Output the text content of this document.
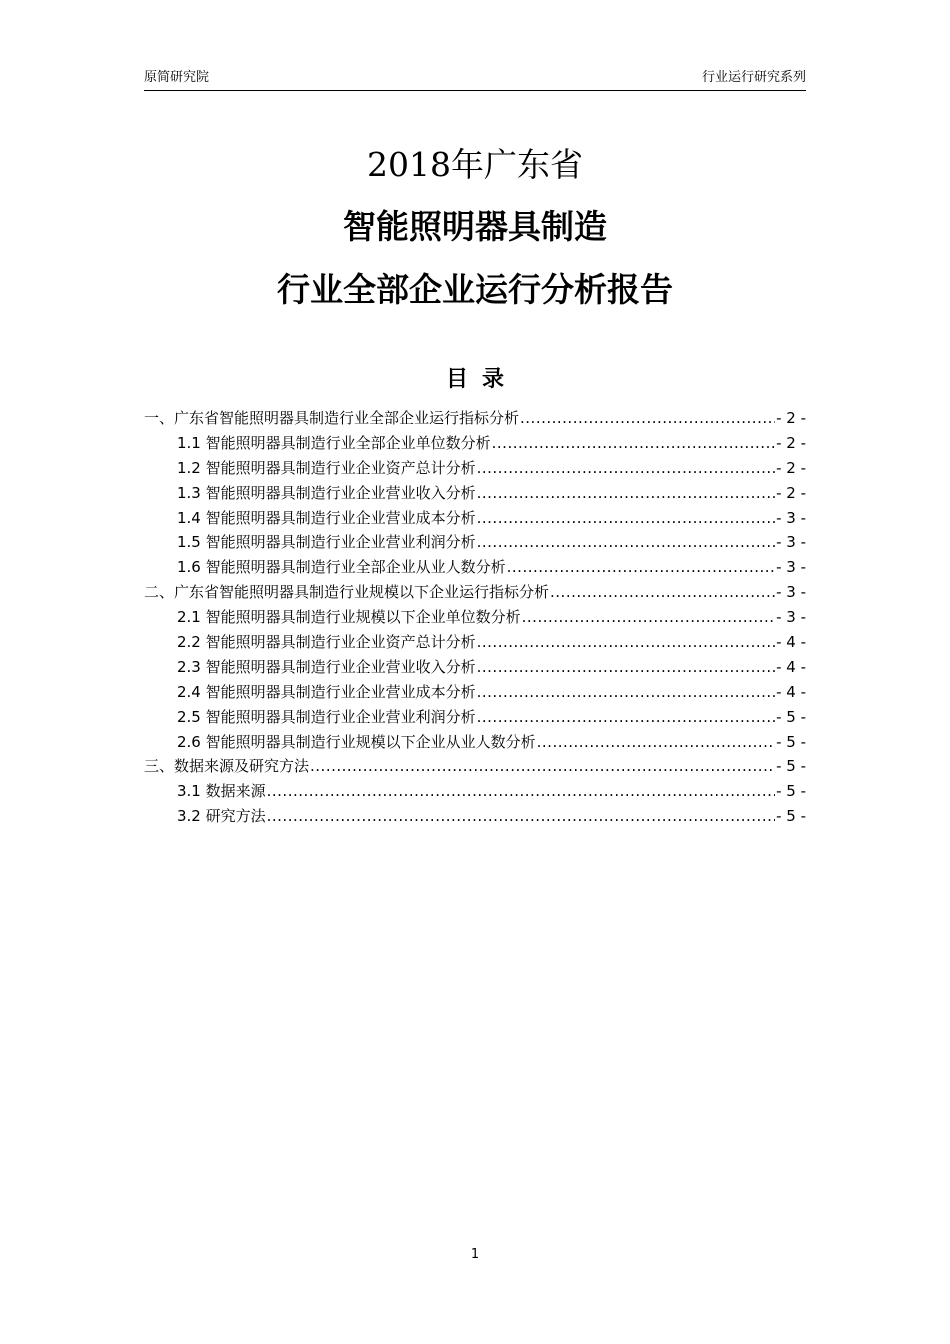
原简研究院	行业运行研究系列
2018年广东省
智能照明器具制造
行业全部企业运行分析报告
目录
一、广东省智能照明器具制造行业全部企业运行指标分析 .....	- 2 -
1.1 智能照明器具制造行业全部企业单位数分析 .....	- 2 -
1.2 智能照明器具制造行业企业资产总计分析 .....	- 2 -
1.3 智能照明器具制造行业企业营业收入分析 .....	- 2 -
1.4 智能照明器具制造行业企业营业成本分析 .....	- 3 -
1.5 智能照明器具制造行业企业营业利润分析 .....	- 3 -
1.6 智能照明器具制造行业全部企业从业人数分析 .....	- 3 -
二、广东省智能照明器具制造行业规模以下企业运行指标分析 .....	- 3 -
2.1 智能照明器具制造行业规模以下企业单位数分析 .....	- 3 -
2.2 智能照明器具制造行业企业资产总计分析 .....	- 4 -
2.3 智能照明器具制造行业企业营业收入分析 .....	- 4 -
2.4 智能照明器具制造行业企业营业成本分析 .....	- 4 -
2.5 智能照明器具制造行业企业营业利润分析 .....	- 5 -
2.6 智能照明器具制造行业规模以下企业从业人数分析 .....	- 5 -
三、数据来源及研究方法 .....	- 5 -
3.1 数据来源 .....	- 5 -
3.2 研究方法 .....	- 5 -
1
